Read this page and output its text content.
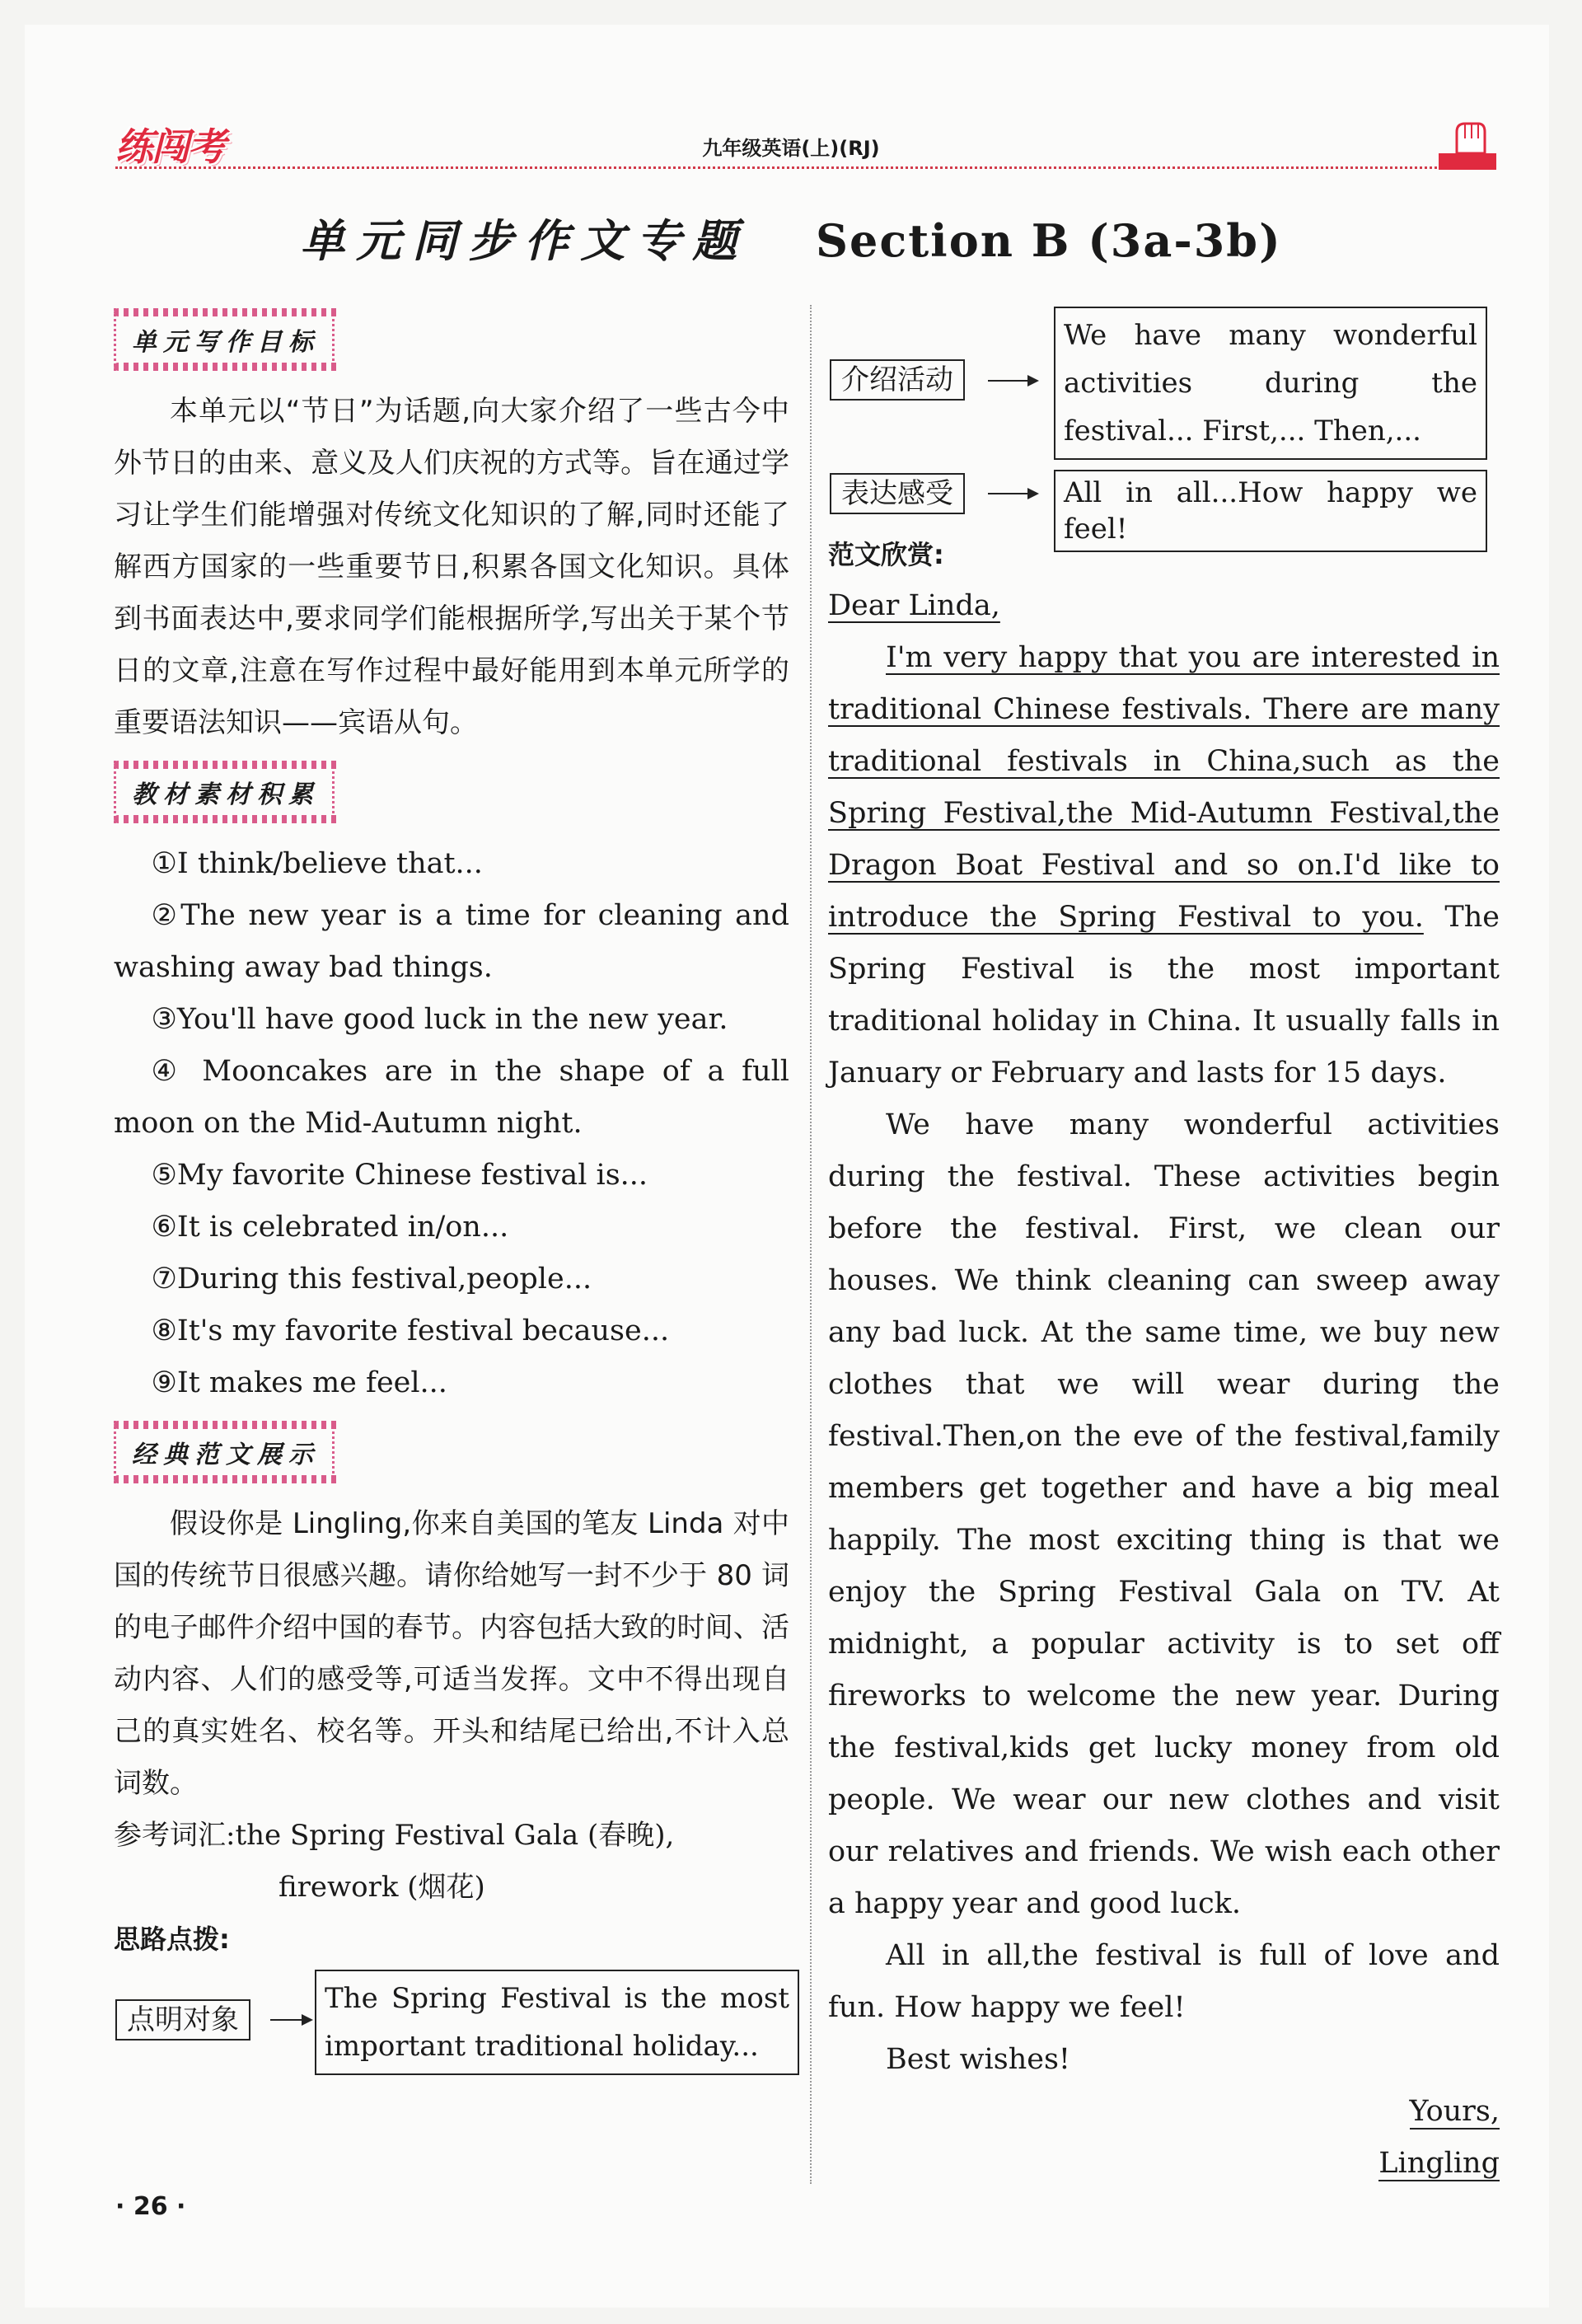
练闯考	九年级英语(上)(RJ)
单元同步作文专题 Section B (3a-3b)
单元写作目标

本单元以“节日”为话题,向大家介绍了一些古今中外节日的由来、意义及人们庆祝的方式等。旨在通过学习让学生们能增强对传统文化知识的了解,同时还能了解西方国家的一些重要节日,积累各国文化知识。具体到书面表达中,要求同学们能根据所学,写出关于某个节日的文章,注意在写作过程中最好能用到本单元所学的重要语法知识——宾语从句。

教材素材积累

①I think/believe that...

②The new year is a time for cleaning and washing away bad things.

③You'll have good luck in the new year.

④ Mooncakes are in the shape of a full moon on the Mid-Autumn night.

⑤My favorite Chinese festival is...

⑥It is celebrated in/on...

⑦During this festival,people...

⑧It's my favorite festival because...

⑨It makes me feel...

经典范文展示

假设你是 Lingling,你来自美国的笔友 Linda 对中国的传统节日很感兴趣。请你给她写一封不少于 80 词的电子邮件介绍中国的春节。内容包括大致的时间、活动内容、人们的感受等,可适当发挥。文中不得出现自己的真实姓名、校名等。开头和结尾已给出,不计入总词数。

参考词汇:the Spring Festival Gala (春晚),

firework (烟花)

思路点拨:

点明对象
The Spring Festival is the most important traditional holiday...
介绍活动
We have many wonderful activities during the festival... First,... Then,...
表达感受	All in all...How happy we feel!

范文欣赏:

Dear Linda,

I'm very happy that you are interested in traditional Chinese festivals. There are many traditional festivals in China,such as the Spring Festival,the Mid-Autumn Festival,the Dragon Boat Festival and so on.I'd like to introduce the Spring Festival to you. The Spring Festival is the most important traditional holiday in China. It usually falls in January or February and lasts for 15 days.

We have many wonderful activities during the festival. These activities begin before the festival. First, we clean our houses. We think cleaning can sweep away any bad luck. At the same time, we buy new clothes that we will wear during the festival.Then,on the eve of the festival,family members get together and have a big meal happily. The most exciting thing is that we enjoy the Spring Festival Gala on TV. At midnight, a popular activity is to set off fireworks to welcome the new year. During the festival,kids get lucky money from old people. We wear our new clothes and visit our relatives and friends. We wish each other a happy year and good luck.

All in all,the festival is full of love and fun. How happy we feel!

Best wishes!

Yours,

Lingling

· 26 ·
